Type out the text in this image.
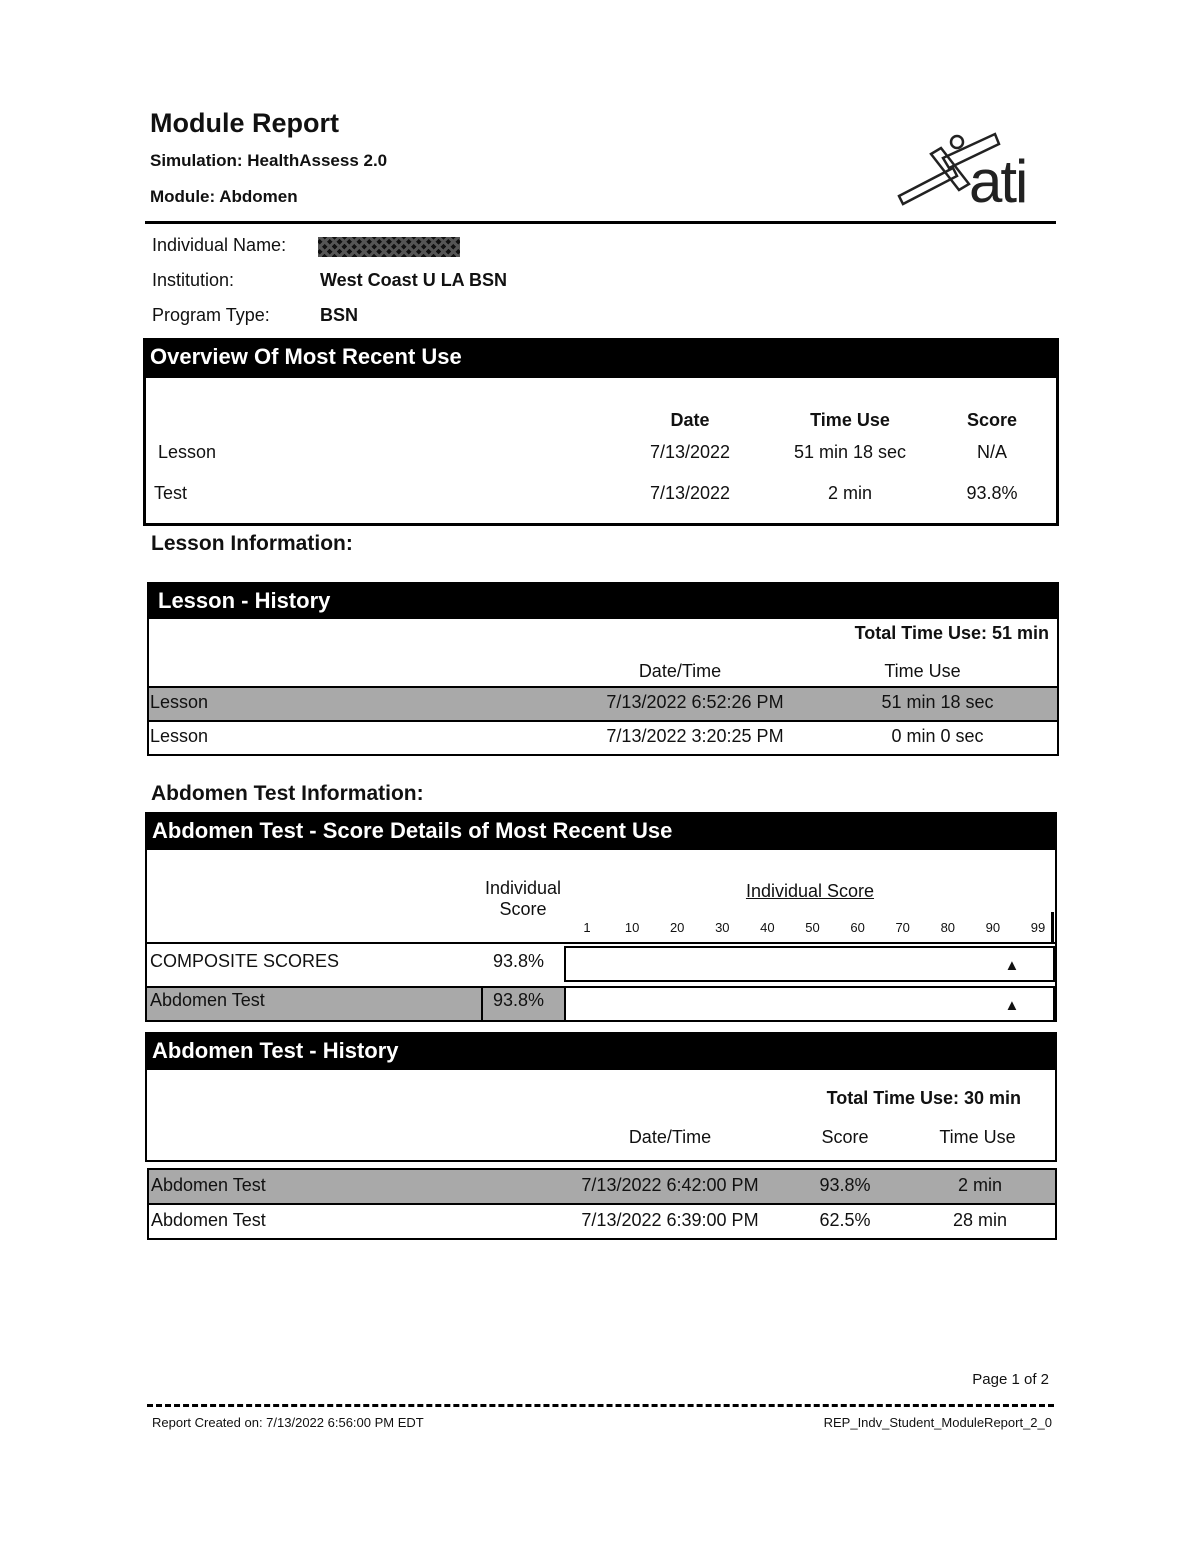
Module Report
Simulation: HealthAssess 2.0
Module: Abdomen	ati
Individual Name:
Institution:	West Coast U LA BSN
Program Type:	BSN
Overview Of Most Recent Use
Date	Time Use	Score
Lesson	7/13/2022	51 min 18 sec	N/A
Test	7/13/2022	2 min	93.8%
Lesson Information:
Lesson - History
Total Time Use: 51 min
Date/Time	Time Use
Lesson	7/13/2022 6:52:26 PM	51 min 18 sec
Lesson	7/13/2022 3:20:25 PM	0 min 0 sec
Abdomen Test Information:
Abdomen Test - Score Details of Most Recent Use
Individual Score
Individual Score
1	10	20	30	40	50	60	70	80	90	99
COMPOSITE SCORES	93.8%
Abdomen Test	93.8%
▲
▲
Abdomen Test - History
Total Time Use: 30 min
Date/Time	Score	Time Use
Abdomen Test	7/13/2022 6:42:00 PM	93.8%	2 min
Abdomen Test	7/13/2022 6:39:00 PM	62.5%	28 min
Page 1 of 2
Report Created on: 7/13/2022 6:56:00 PM EDT	REP_Indv_Student_ModuleReport_2_0
